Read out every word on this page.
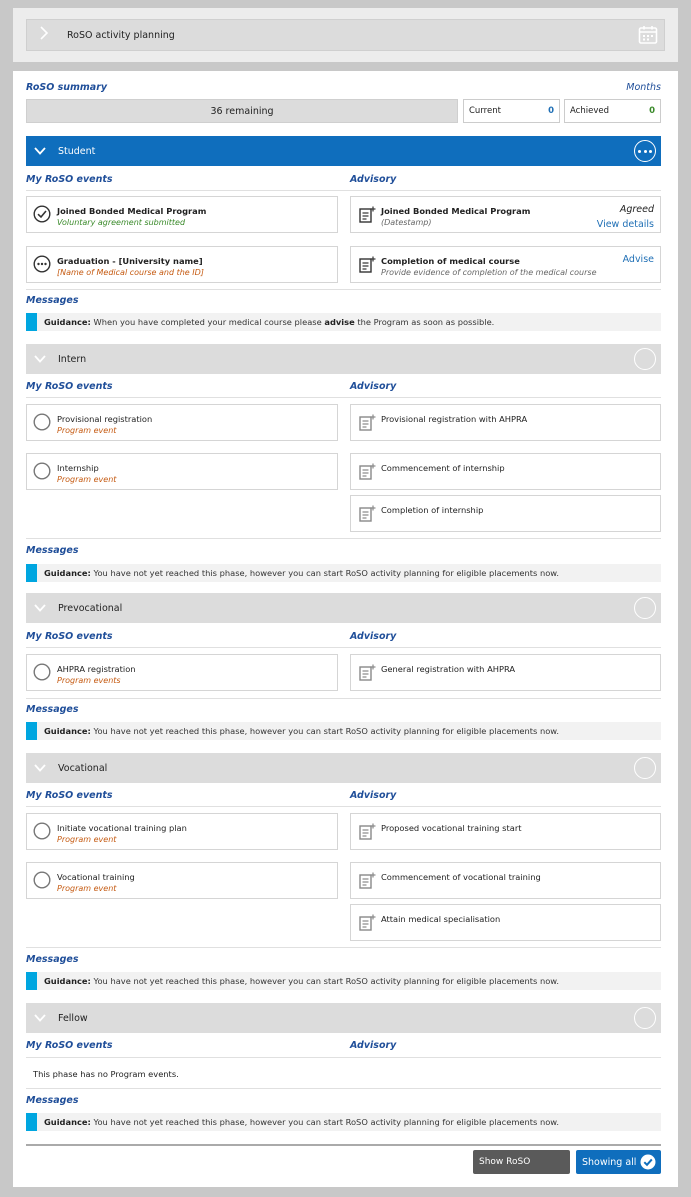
RoSO activity planning
RoSO summary	Months
36 remaining	Current	0 Achieved	0
Student
My RoSO events	Advisory
Joined Bonded Medical Program
Voluntary agreement submitted
Graduation - [University name]
[Name of Medical course and the ID]
Joined Bonded Medical Program
(Datestamp)
Agreed
View details
Completion of medical course
Provide evidence of completion of the medical course
Advise
Messages
Guidance: When you have completed your medical course please advise the Program as soon as possible.
Intern
My RoSO events	Advisory
Provisional registration
Program event
Internship
Program event
Provisional registration with AHPRA
Commencement of internship
Completion of internship
Messages
Guidance: You have not yet reached this phase, however you can start RoSO activity planning for eligible placements now.
Prevocational
My RoSO events	Advisory
AHPRA registration
Program events
General registration with AHPRA
Messages
Guidance: You have not yet reached this phase, however you can start RoSO activity planning for eligible placements now.
Vocational
My RoSO events	Advisory
Initiate vocational training plan
Program event
Vocational training
Program event
Proposed vocational training start
Commencement of vocational training
Attain medical specialisation
Messages
Guidance: You have not yet reached this phase, however you can start RoSO activity planning for eligible placements now.
Fellow
My RoSO events	Advisory
This phase has no Program events.
Messages
Guidance: You have not yet reached this phase, however you can start RoSO activity planning for eligible placements now.
Show RoSO	Showing all
